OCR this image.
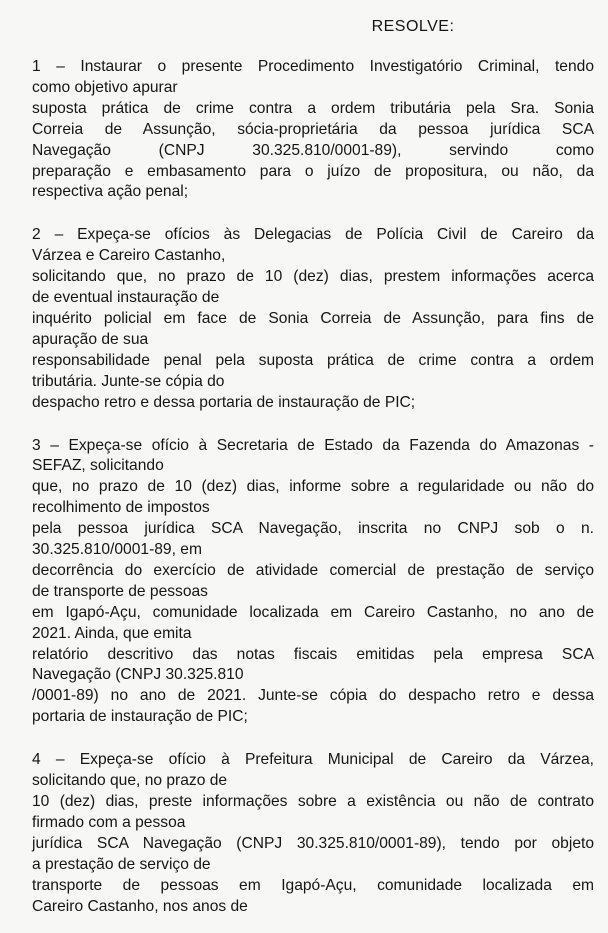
RESOLVE:
1 – Instaurar o presente Procedimento Investigatório Criminal, tendo
como objetivo apurar
suposta prática de crime contra a ordem tributária pela Sra. Sonia
Correia de Assunção, sócia-proprietária da pessoa jurídica SCA
Navegação (CNPJ 30.325.810/0001-89), servindo como
preparação e embasamento para o juízo de propositura, ou não, da
respectiva ação penal;
2 – Expeça-se ofícios às Delegacias de Polícia Civil de Careiro da
Várzea e Careiro Castanho,
solicitando que, no prazo de 10 (dez) dias, prestem informações acerca
de eventual instauração de
inquérito policial em face de Sonia Correia de Assunção, para fins de
apuração de sua
responsabilidade penal pela suposta prática de crime contra a ordem
tributária. Junte-se cópia do
despacho retro e dessa portaria de instauração de PIC;
3 – Expeça-se ofício à Secretaria de Estado da Fazenda do Amazonas -
SEFAZ, solicitando
que, no prazo de 10 (dez) dias, informe sobre a regularidade ou não do
recolhimento de impostos
pela pessoa jurídica SCA Navegação, inscrita no CNPJ sob o n.
30.325.810/0001-89, em
decorrência do exercício de atividade comercial de prestação de serviço
de transporte de pessoas
em Igapó-Açu, comunidade localizada em Careiro Castanho, no ano de
2021. Ainda, que emita
relatório descritivo das notas fiscais emitidas pela empresa SCA
Navegação (CNPJ 30.325.810
/0001-89) no ano de 2021. Junte-se cópia do despacho retro e dessa
portaria de instauração de PIC;
4 – Expeça-se ofício à Prefeitura Municipal de Careiro da Várzea,
solicitando que, no prazo de
10 (dez) dias, preste informações sobre a existência ou não de contrato
firmado com a pessoa
jurídica SCA Navegação (CNPJ 30.325.810/0001-89), tendo por objeto
a prestação de serviço de
transporte de pessoas em Igapó-Açu, comunidade localizada em
Careiro Castanho, nos anos de
